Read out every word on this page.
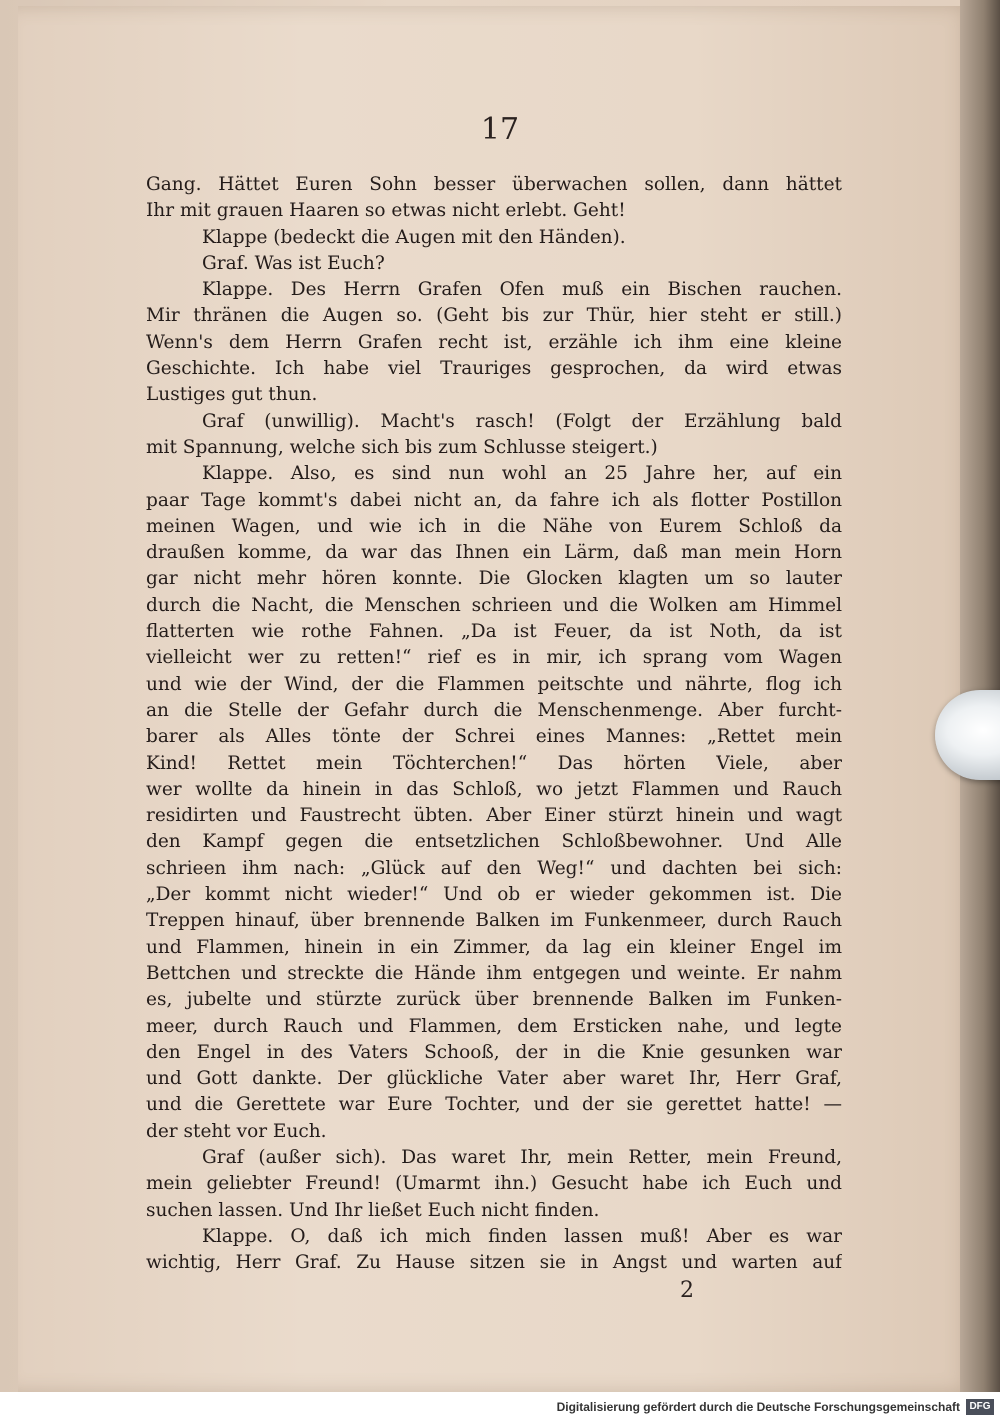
17
Gang. Hättet Euren Sohn besser überwachen sollen, dann hättet
Ihr mit grauen Haaren so etwas nicht erlebt. Geht!
Klappe (bedeckt die Augen mit den Händen).
Graf. Was ist Euch?
Klappe. Des Herrn Grafen Ofen muß ein Bischen rauchen.
Mir thränen die Augen so. (Geht bis zur Thür, hier steht er still.)
Wenn's dem Herrn Grafen recht ist, erzähle ich ihm eine kleine
Geschichte. Ich habe viel Trauriges gesprochen, da wird etwas
Lustiges gut thun.
Graf (unwillig). Macht's rasch! (Folgt der Erzählung bald
mit Spannung, welche sich bis zum Schlusse steigert.)
Klappe. Also, es sind nun wohl an 25 Jahre her, auf ein
paar Tage kommt's dabei nicht an, da fahre ich als flotter Postillon
meinen Wagen, und wie ich in die Nähe von Eurem Schloß da
draußen komme, da war das Ihnen ein Lärm, daß man mein Horn
gar nicht mehr hören konnte. Die Glocken klagten um so lauter
durch die Nacht, die Menschen schrieen und die Wolken am Himmel
flatterten wie rothe Fahnen. „Da ist Feuer, da ist Noth, da ist
vielleicht wer zu retten!“ rief es in mir, ich sprang vom Wagen
und wie der Wind, der die Flammen peitschte und nährte, flog ich
an die Stelle der Gefahr durch die Menschenmenge. Aber furcht-
barer als Alles tönte der Schrei eines Mannes: „Rettet mein
Kind! Rettet mein Töchterchen!“ Das hörten Viele, aber
wer wollte da hinein in das Schloß, wo jetzt Flammen und Rauch
residirten und Faustrecht übten. Aber Einer stürzt hinein und wagt
den Kampf gegen die entsetzlichen Schloßbewohner. Und Alle
schrieen ihm nach: „Glück auf den Weg!“ und dachten bei sich:
„Der kommt nicht wieder!“ Und ob er wieder gekommen ist. Die
Treppen hinauf, über brennende Balken im Funkenmeer, durch Rauch
und Flammen, hinein in ein Zimmer, da lag ein kleiner Engel im
Bettchen und streckte die Hände ihm entgegen und weinte. Er nahm
es, jubelte und stürzte zurück über brennende Balken im Funken-
meer, durch Rauch und Flammen, dem Ersticken nahe, und legte
den Engel in des Vaters Schooß, der in die Knie gesunken war
und Gott dankte. Der glückliche Vater aber waret Ihr, Herr Graf,
und die Gerettete war Eure Tochter, und der sie gerettet hatte! —
der steht vor Euch.
Graf (außer sich). Das waret Ihr, mein Retter, mein Freund,
mein geliebter Freund! (Umarmt ihn.) Gesucht habe ich Euch und
suchen lassen. Und Ihr ließet Euch nicht finden.
Klappe. O, daß ich mich finden lassen muß! Aber es war
wichtig, Herr Graf. Zu Hause sitzen sie in Angst und warten auf
2
Digitalisierung gefördert durch die Deutsche Forschungsgemeinschaft DFG
